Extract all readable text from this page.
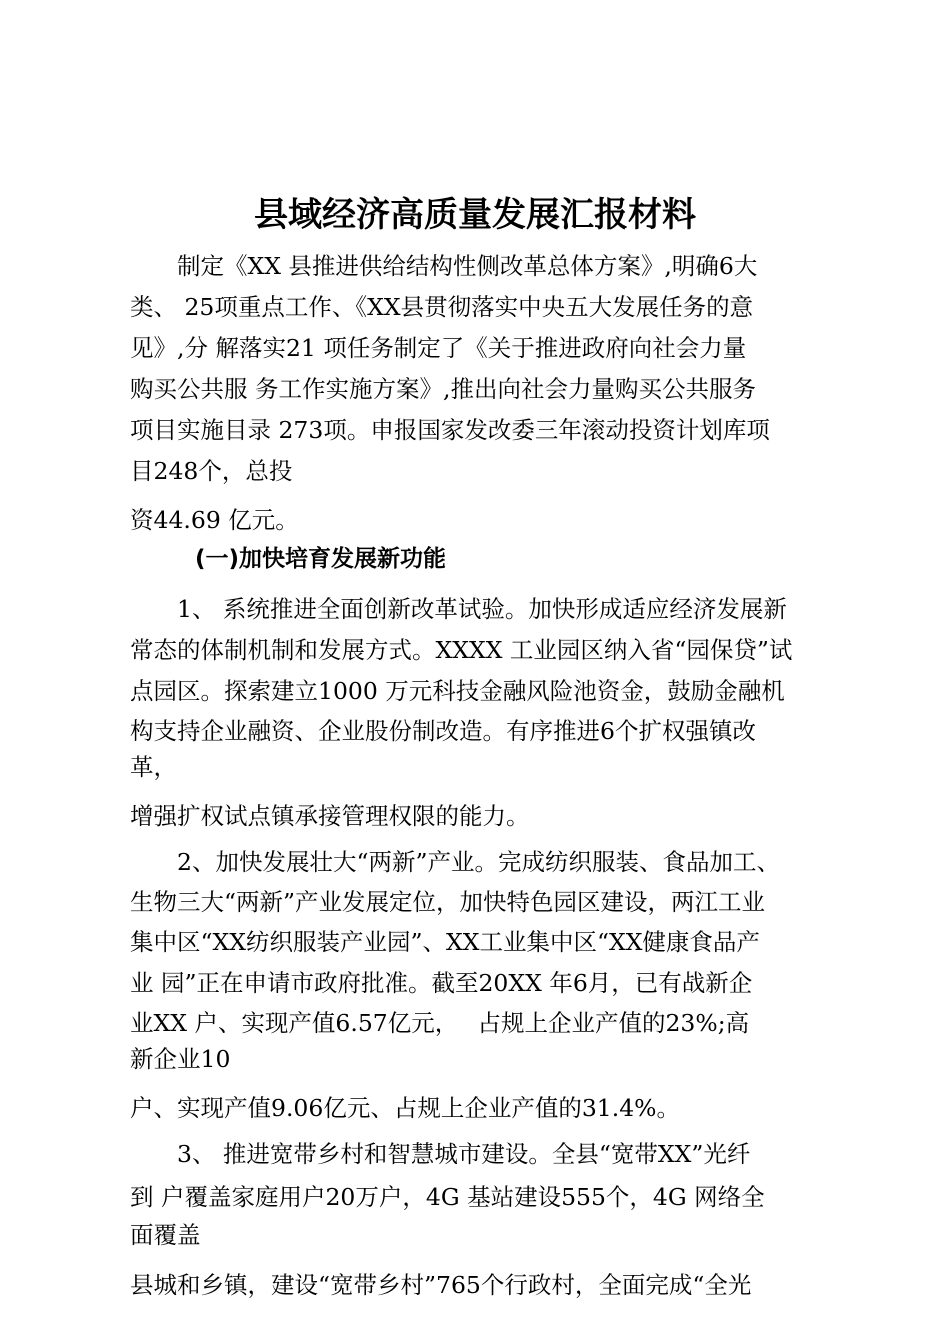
县域经济高质量发展汇报材料
　　制定《XX 县推进供给结构性侧改革总体方案》,明确6大
类、 25项重点工作、《XX县贯彻落实中央五大发展任务的意
见》,分 解落实21 项任务制定了《关于推进政府向社会力量
购买公共服 务工作实施方案》,推出向社会力量购买公共服务
项目实施目录 273项。申报国家发改委三年滚动投资计划库项
目248个，总投
资44.69 亿元。
(一)加快培育发展新功能
　　1、 系统推进全面创新改革试验。加快形成适应经济发展新
常态的体制机制和发展方式。XXXX 工业园区纳入省“园保贷”试
点园区。探索建立1000 万元科技金融风险池资金，鼓励金融机
构支持企业融资、企业股份制改造。有序推进6个扩权强镇改
革，
增强扩权试点镇承接管理权限的能力。
　　2、加快发展壮大“两新”产业。完成纺织服装、食品加工、
生物三大“两新”产业发展定位，加快特色园区建设，两江工业
集中区“XX纺织服装产业园”、XX工业集中区“XX健康食品产
业 园”正在申请市政府批准。截至20XX 年6月，已有战新企
业XX 户、实现产值6.57亿元，　 占规上企业产值的23%;高
新企业10
户、实现产值9.06亿元、占规上企业产值的31.4%。
　　3、 推进宽带乡村和智慧城市建设。全县“宽带XX”光纤
到 户覆盖家庭用户20万户，4G 基站建设555个，4G 网络全
面覆盖
县城和乡镇，建设“宽带乡村”765个行政村，全面完成“全光
